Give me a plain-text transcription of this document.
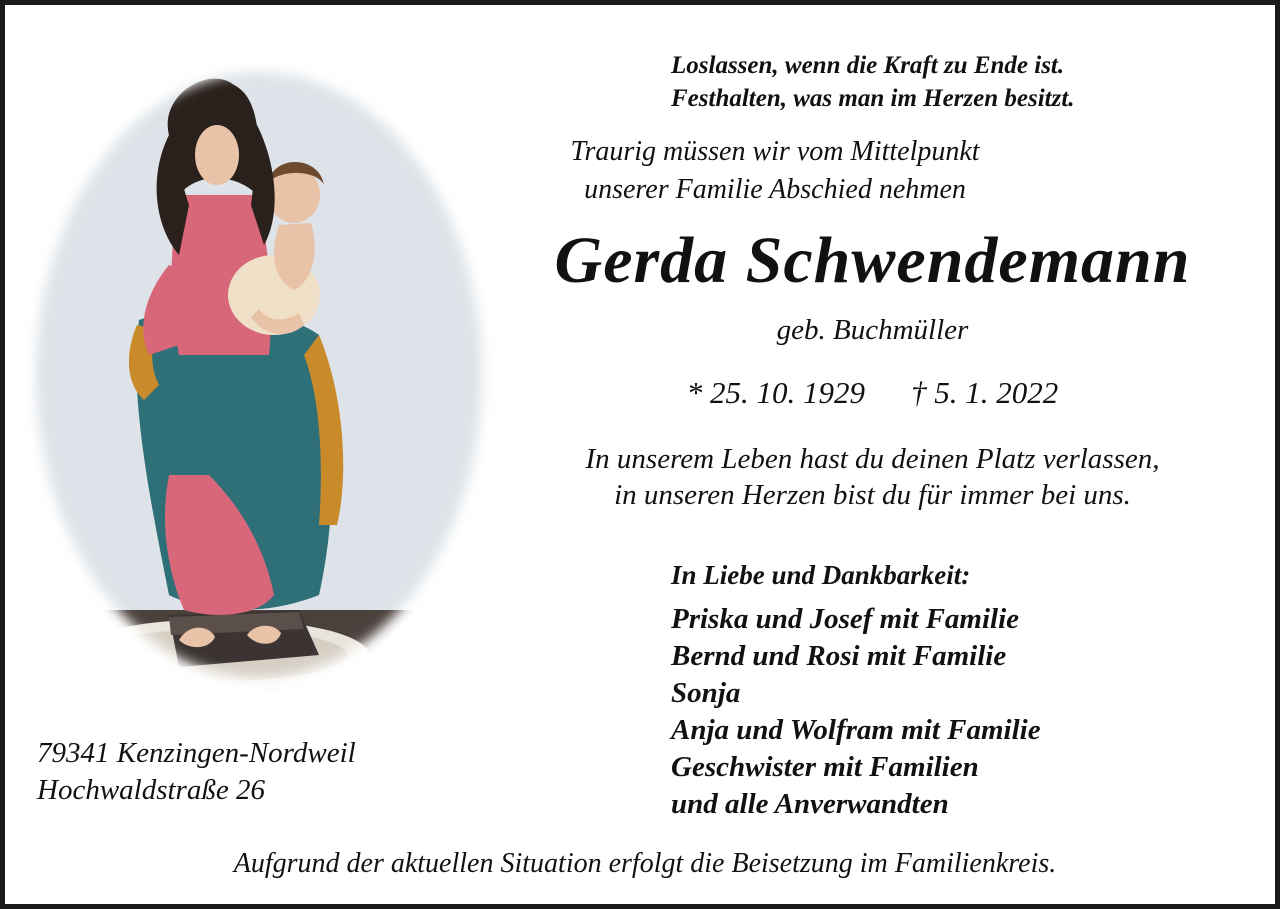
Loslassen, wenn die Kraft zu Ende ist.
Festhalten, was man im Herzen besitzt.
Traurig müssen wir vom Mittelpunkt
unserer Familie Abschied nehmen
Gerda Schwendemann
geb. Buchmüller
* 25. 10. 1929 † 5. 1. 2022
In unserem Leben hast du deinen Platz verlassen,
in unseren Herzen bist du für immer bei uns.
In Liebe und Dankbarkeit:
Priska und Josef mit Familie
Bernd und Rosi mit Familie
Sonja
Anja und Wolfram mit Familie
Geschwister mit Familien
und alle Anverwandten
79341 Kenzingen-Nordweil
Hochwaldstraße 26
Aufgrund der aktuellen Situation erfolgt die Beisetzung im Familienkreis.
